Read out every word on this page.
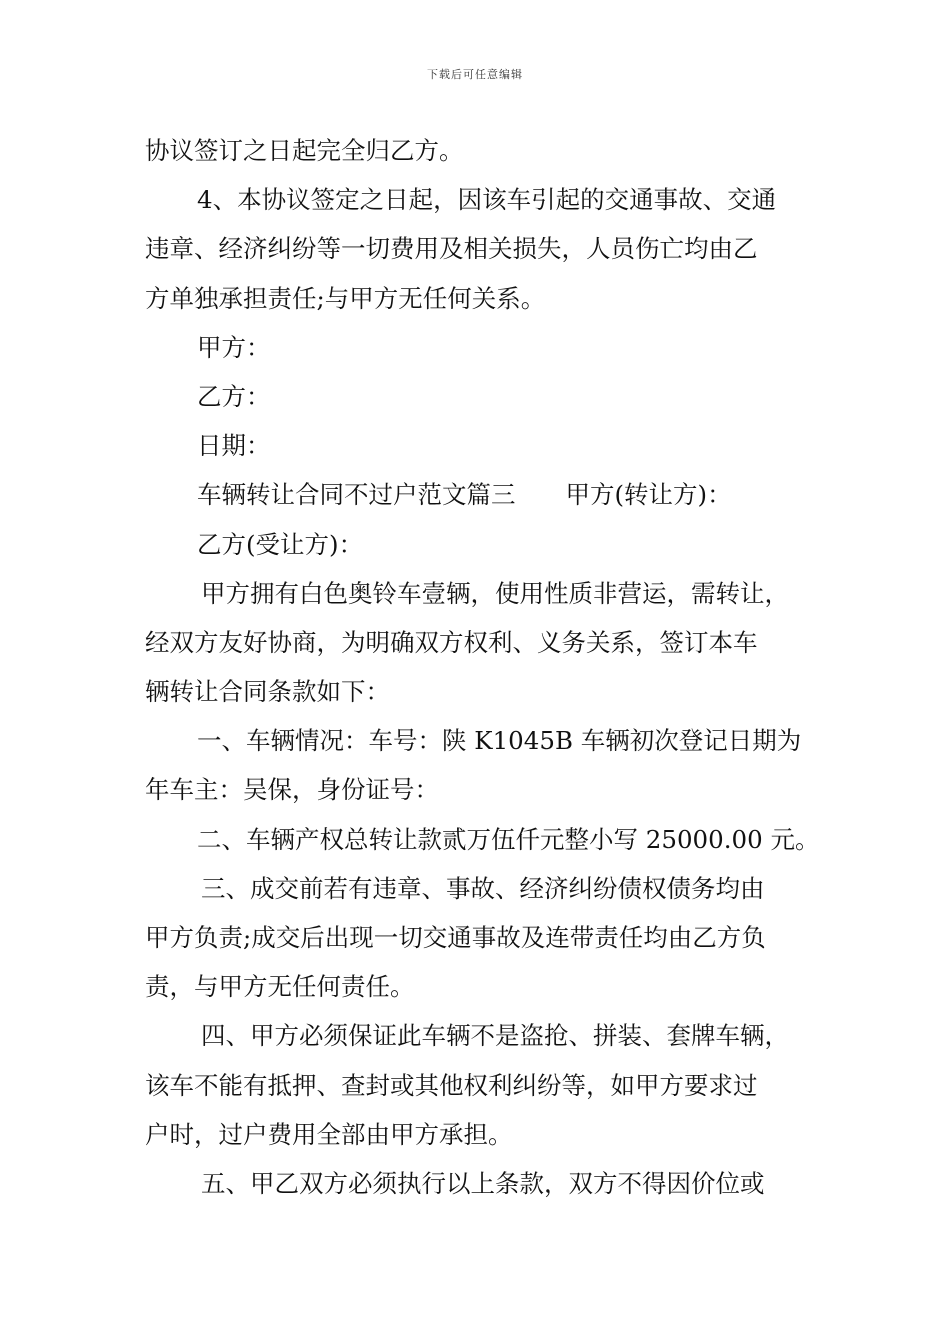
下载后可任意编辑
协议签订之日起完全归乙方。
4、本协议签定之日起，因该车引起的交通事故、交通
违章、经济纠纷等一切费用及相关损失，人员伤亡均由乙
方单独承担责任;与甲方无任何关系。
甲方：
乙方：
日期：
车辆转让合同不过户范文篇三 甲方(转让方)：
乙方(受让方)：
甲方拥有白色奥铃车壹辆，使用性质非营运，需转让，
经双方友好协商，为明确双方权利、义务关系，签订本车
辆转让合同条款如下：
一、车辆情况：车号：陕 K1045B 车辆初次登记日期为
年车主：吴保，身份证号：
二、车辆产权总转让款贰万伍仟元整小写 25000.00 元。
三、成交前若有违章、事故、经济纠纷债权债务均由
甲方负责;成交后出现一切交通事故及连带责任均由乙方负
责，与甲方无任何责任。
四、甲方必须保证此车辆不是盗抢、拼装、套牌车辆，
该车不能有抵押、查封或其他权利纠纷等，如甲方要求过
户时，过户费用全部由甲方承担。
五、甲乙双方必须执行以上条款，双方不得因价位或
